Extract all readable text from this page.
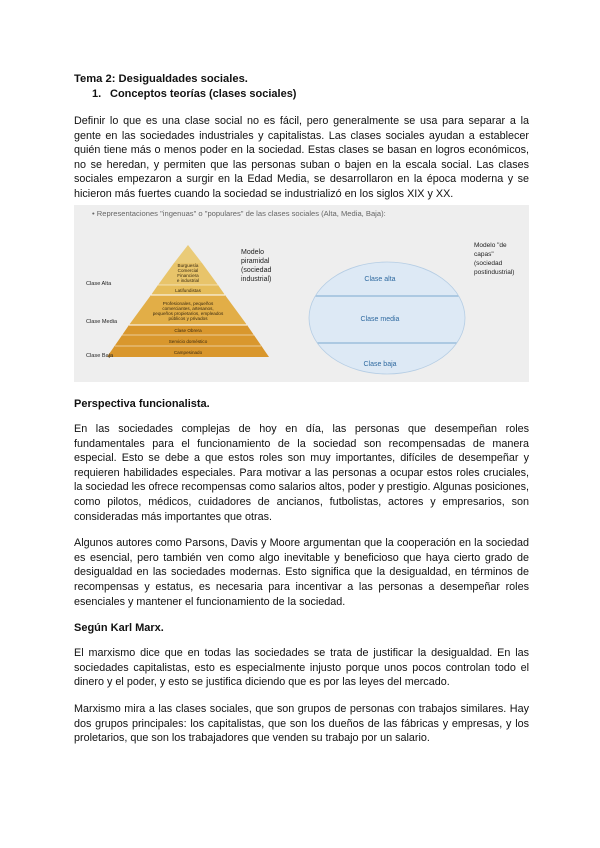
Tema 2: Desigualdades sociales.

1. Conceptos teorías (clases sociales)

Definir lo que es una clase social no es fácil, pero generalmente se usa para separar a la gente en las sociedades industriales y capitalistas. Las clases sociales ayudan a establecer quién tiene más o menos poder en la sociedad. Estas clases se basan en logros económicos, no se heredan, y permiten que las personas suban o bajen en la escala social. Las clases sociales empezaron a surgir en la Edad Media, se desarrollaron en la época moderna y se hicieron más fuertes cuando la sociedad se industrializó en los siglos XIX y XX.

• Representaciones "ingenuas" o "populares" de las clases sociales (Alta, Media, Baja):
Burguesía
Comercial
Financiera
e industrial
Latifundistas
Profesionales, pequeños
comerciantes, artesanos,
pequeños propietarios, empleados
públicos y privados
Clase Obrera
Servicio doméstico
Campesinado
Clase Alta
Clase Media
Clase Baja
Modelo
piramidal
(sociedad
industrial)	Clase alta
Clase media
Clase baja
Modelo "de
capas"
(sociedad
postindustrial)

Perspectiva funcionalista.

En las sociedades complejas de hoy en día, las personas que desempeñan roles fundamentales para el funcionamiento de la sociedad son recompensadas de manera especial. Esto se debe a que estos roles son muy importantes, difíciles de desempeñar y requieren habilidades especiales. Para motivar a las personas a ocupar estos roles cruciales, la sociedad les ofrece recompensas como salarios altos, poder y prestigio. Algunas posiciones, como pilotos, médicos, cuidadores de ancianos, futbolistas, actores y empresarios, son consideradas más importantes que otras.

Algunos autores como Parsons, Davis y Moore argumentan que la cooperación en la sociedad es esencial, pero también ven como algo inevitable y beneficioso que haya cierto grado de desigualdad en las sociedades modernas. Esto significa que la desigualdad, en términos de recompensas y estatus, es necesaria para incentivar a las personas a desempeñar roles esenciales y mantener el funcionamiento de la sociedad.

Según Karl Marx.

El marxismo dice que en todas las sociedades se trata de justificar la desigualdad. En las sociedades capitalistas, esto es especialmente injusto porque unos pocos controlan todo el dinero y el poder, y esto se justifica diciendo que es por las leyes del mercado.

Marxismo mira a las clases sociales, que son grupos de personas con trabajos similares. Hay dos grupos principales: los capitalistas, que son los dueños de las fábricas y empresas, y los proletarios, que son los trabajadores que venden su trabajo por un salario.
